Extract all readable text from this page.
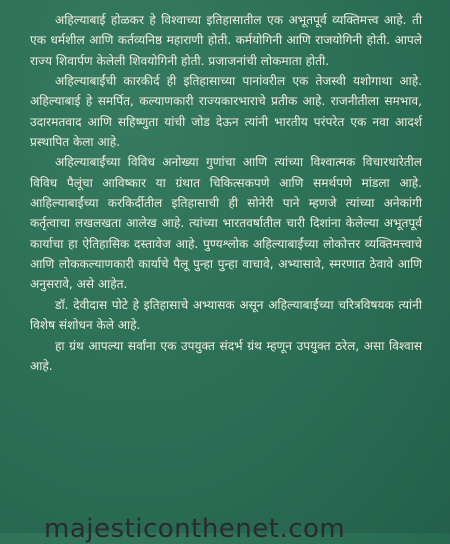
अहिल्याबाई होळकर हे विश्वाच्या इतिहासातील एक अभूतपूर्व व्यक्तिमत्त्व आहे. ती एक धर्मशील आणि कर्तव्यनिष्ठ महाराणी होती. कर्मयोगिनी आणि राजयोगिनी होती. आपले राज्य शिवार्पण केलेली शिवयोगिनी होती. प्रजाजनांची लोकमाता होती.

अहिल्याबाईंची कारकीर्द ही इतिहासाच्या पानांवरील एक तेजस्वी यशोगाथा आहे. अहिल्याबाई हे समर्पित, कल्याणकारी राज्यकारभाराचे प्रतीक आहे. राजनीतीला समभाव, उदारमतवाद आणि सहिष्णुता यांची जोड देऊन त्यांनी भारतीय परंपरेत एक नवा आदर्श प्रस्थापित केला आहे.

अहिल्याबाईंच्या विविध अनोख्या गुणांचा आणि त्यांच्या विश्वात्मक विचारधारेतील विविध पैलूंचा आविष्कार या ग्रंथात चिकित्सकपणे आणि समर्थपणे मांडला आहे. आहिल्याबाईंच्या करकिर्दीतील इतिहासाची ही सोनेरी पाने म्हणजे त्यांच्या अनेकांगी कर्तृत्वाचा लखलखता आलेख आहे. त्यांच्या भारतवर्षातील चारी दिशांना केलेल्या अभूतपूर्व कार्याचा हा ऐतिहासिक दस्तावेज आहे. पुण्यश्लोक अहिल्याबाईंच्या लोकोत्तर व्यक्तिमत्त्वाचे आणि लोककल्याणकारी कार्याचे पैलू पुन्हा पुन्हा वाचावे, अभ्यासावे, स्मरणात ठेवावे आणि अनुसरावे, असे आहेत.

डॉ. देवीदास पोटे हे इतिहासाचे अभ्यासक असून अहिल्याबाईंच्या चरित्रविषयक त्यांनी विशेष संशोधन केले आहे.

हा ग्रंथ आपल्या सर्वांना एक उपयुक्त संदर्भ ग्रंथ म्हणून उपयुक्त ठरेल, असा विश्वास आहे.

majesticonthenet.com
